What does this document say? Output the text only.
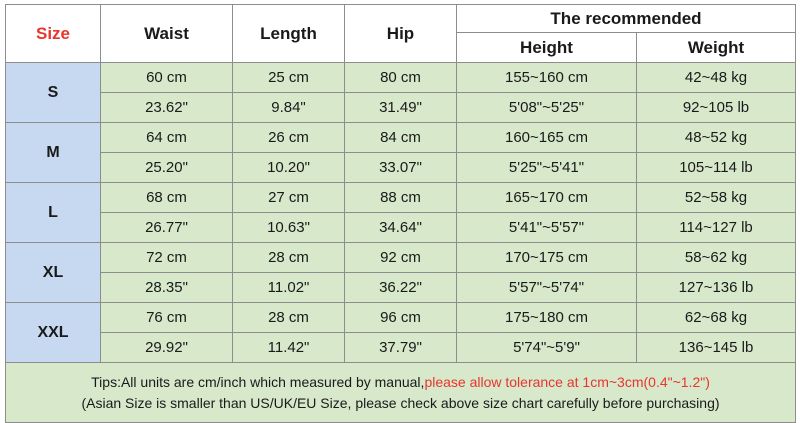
Size	Waist	Length	Hip	The recommended	
				Height	Weight
S	60 cm	25 cm	80 cm	155~160 cm	42~48 kg
	23.62"	9.84"	31.49"	5'08"~5'25"	92~105 lb
M	64 cm	26 cm	84 cm	160~165 cm	48~52 kg
	25.20"	10.20"	33.07"	5'25"~5'41"	105~114 lb
L	68 cm	27 cm	88 cm	165~170 cm	52~58 kg
	26.77"	10.63"	34.64"	5'41"~5'57"	114~127 lb
XL	72 cm	28 cm	92 cm	170~175 cm	58~62 kg
	28.35"	11.02"	36.22"	5'57"~5'74"	127~136 lb
XXL	76 cm	28 cm	96 cm	175~180 cm	62~68 kg
	29.92"	11.42"	37.79"	5'74"~5'9"	136~145 lb

Tips:All units are cm/inch which measured by manual,please allow tolerance at 1cm~3cm(0.4"~1.2")
(Asian Size is smaller than US/UK/EU Size, please check above size chart carefully before purchasing)					
